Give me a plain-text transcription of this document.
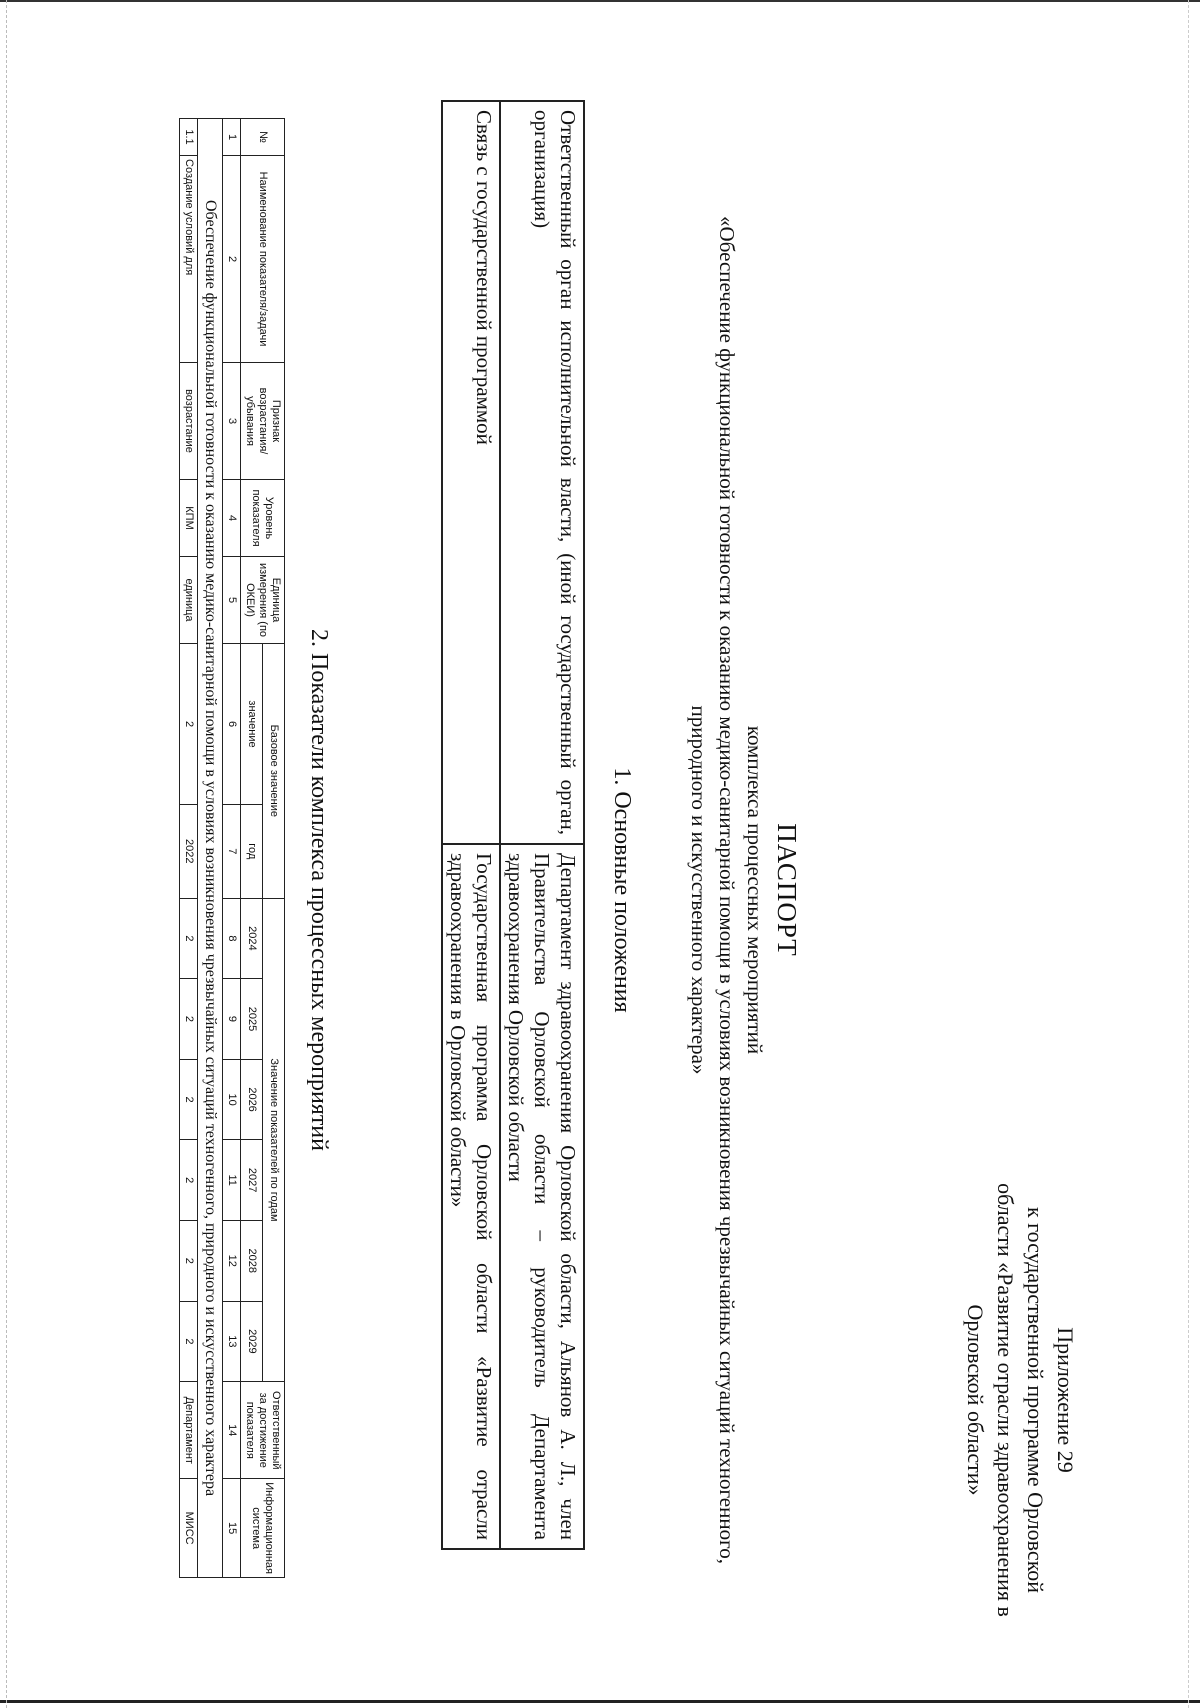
Приложение 29
к государственной программе Орловской
области «Развитие отрасли здравоохранения в
Орловской области»
ПАСПОРТ
комплекса процессных мероприятий
«Обеспечение функциональной готовности к оказанию медико-санитарной помощи в условиях возникновения чрезвычайных ситуаций техногенного, природного и искусственного характера»
1. Основные положения
Ответственный орган исполнительной власти, (иной государственный орган, организация)	Департамент здравоохранения Орловской области, Альянов А. Л., член Правительства Орловской области – руководитель Департамента здравоохранения Орловской области
Связь с государственной программой	Государственная программа Орловской области «Развитие отрасли здравоохранения в Орловской области»
2. Показатели комплекса процессных мероприятий
№	Наименование показателя/задачи	Признак возрастания/ убывания	Уровень показателя	Единица измерения (по ОКЕИ)	Базовое значение		Значение показателей по годам						Ответственный за достижение показателя	Информационная система
					значение	год	2024	2025	2026	2027	2028	2029		
1	2	3	4	5	6	7	8	9	10	11	12	13	14	15
Обеспечение функциональной готовности к оказанию медико-санитарной помощи в условиях возникновения чрезвычайных ситуаций техногенного, природного и искусственного характера														
1.1	Создание условий для	возрастание	КПМ	единица	2	2022	2	2	2	2	2	2	Департамент	МИСС
